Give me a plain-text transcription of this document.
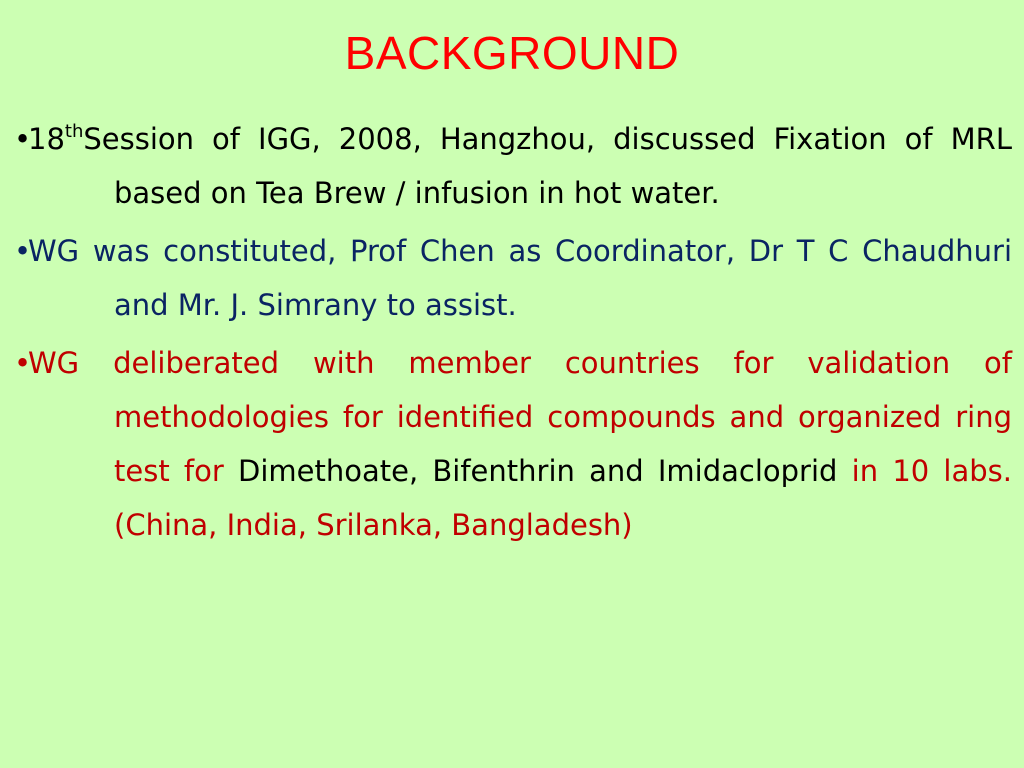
BACKGROUND
•18thSession of IGG, 2008, Hangzhou, discussed Fixation of MRL based on Tea Brew / infusion in hot water.
•WG was constituted, Prof Chen as Coordinator, Dr T C Chaudhuri and Mr. J. Simrany to assist.
•WG deliberated with member countries for validation of methodologies for identified compounds and organized ring test for Dimethoate, Bifenthrin and Imidacloprid in 10 labs. (China, India, Srilanka, Bangladesh)
